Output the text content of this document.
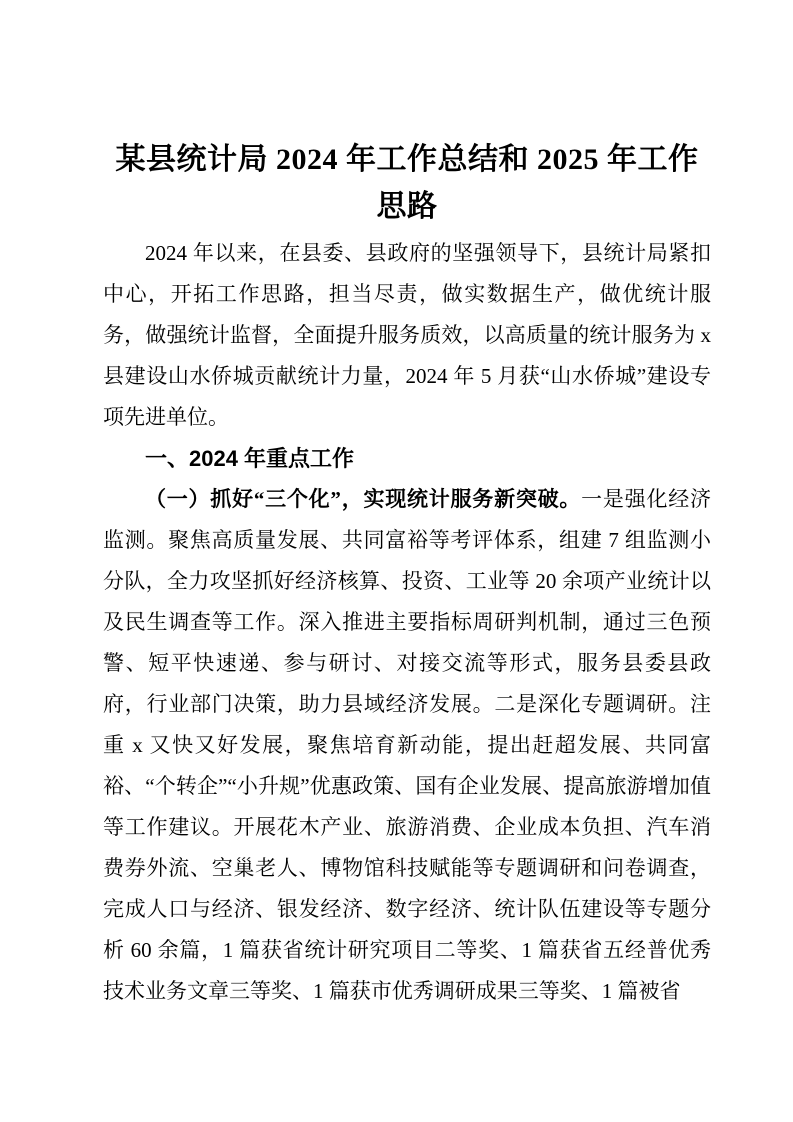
某县统计局 2024 年工作总结和 2025 年工作思路

2024 年以来，在县委、县政府的坚强领导下，县统计局紧扣中心，开拓工作思路，担当尽责，做实数据生产，做优统计服务，做强统计监督，全面提升服务质效，以高质量的统计服务为 x 县建设山水侨城贡献统计力量，2024 年 5 月获“山水侨城”建设专项先进单位。

一、2024 年重点工作

（一）抓好“三个化”，实现统计服务新突破。一是强化经济监测。聚焦高质量发展、共同富裕等考评体系，组建 7 组监测小分队，全力攻坚抓好经济核算、投资、工业等 20 余项产业统计以及民生调查等工作。深入推进主要指标周研判机制，通过三色预警、短平快速递、参与研讨、对接交流等形式，服务县委县政府，行业部门决策，助力县域经济发展。二是深化专题调研。注重 x 又快又好发展，聚焦培育新动能，提出赶超发展、共同富裕、“个转企”“小升规”优惠政策、国有企业发展、提高旅游增加值等工作建议。开展花木产业、旅游消费、企业成本负担、汽车消费券外流、空巢老人、博物馆科技赋能等专题调研和问卷调查，完成人口与经济、银发经济、数字经济、统计队伍建设等专题分析 60 余篇，1 篇获省统计研究项目二等奖、1 篇获省五经普优秀技术业务文章三等奖、1 篇获市优秀调研成果三等奖、1 篇被省
